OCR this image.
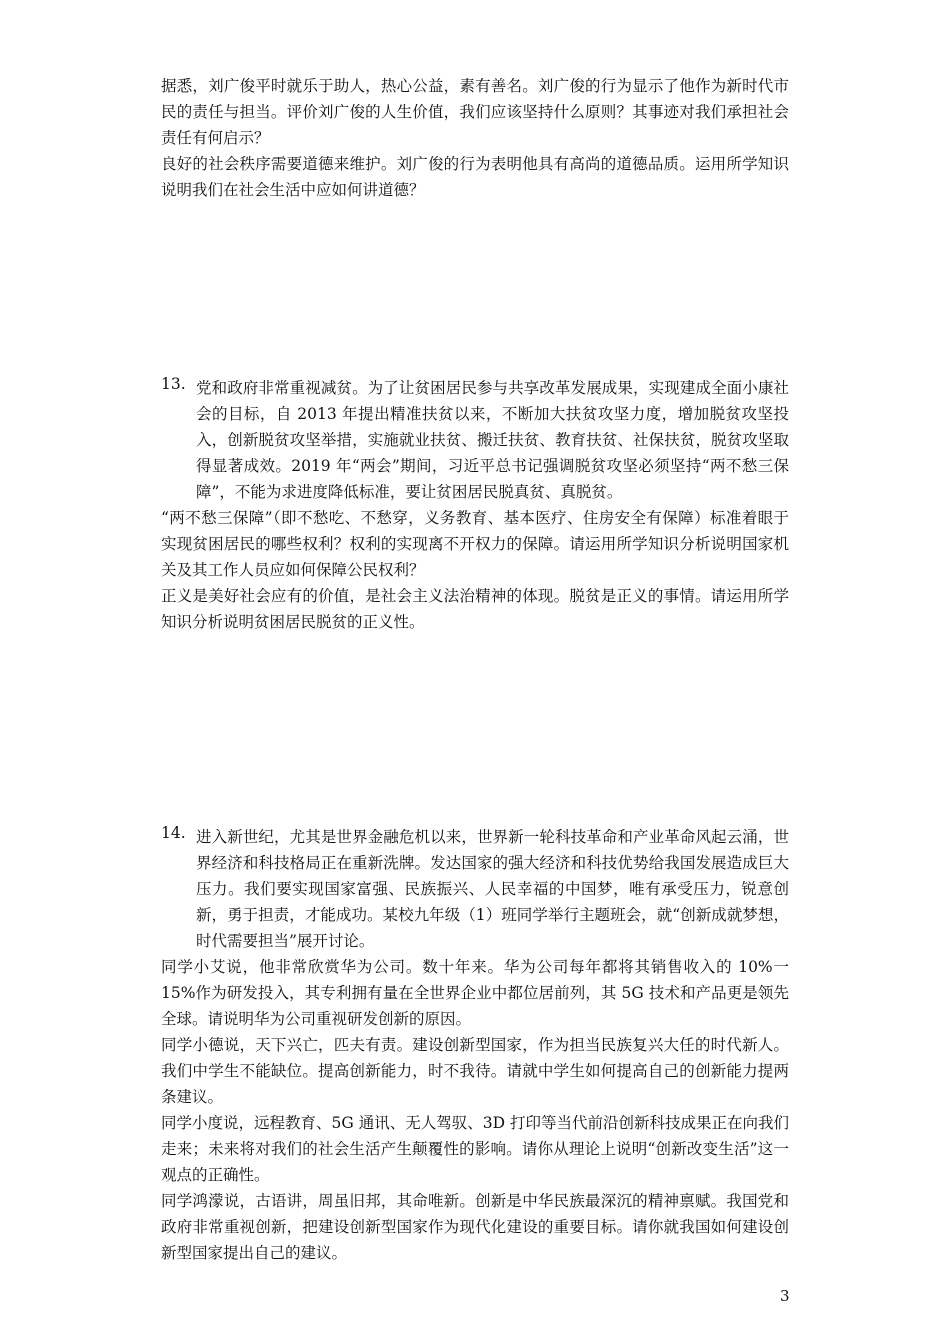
据悉，刘广俊平时就乐于助人，热心公益，素有善名。刘广俊的行为显示了他作为新时代市民的责任与担当。评价刘广俊的人生价值，我们应该坚持什么原则？其事迹对我们承担社会责任有何启示？

良好的社会秩序需要道德来维护。刘广俊的行为表明他具有高尚的道德品质。运用所学知识说明我们在社会生活中应如何讲道德？

13. 党和政府非常重视减贫。为了让贫困居民参与共享改革发展成果，实现建成全面小康社会的目标，自 2013 年提出精准扶贫以来，不断加大扶贫攻坚力度，增加脱贫攻坚投入，创新脱贫攻坚举措，实施就业扶贫、搬迁扶贫、教育扶贫、社保扶贫，脱贫攻坚取得显著成效。2019 年“两会”期间，习近平总书记强调脱贫攻坚必须坚持“两不愁三保障”，不能为求进度降低标准，要让贫困居民脱真贫、真脱贫。

“两不愁三保障”（即不愁吃、不愁穿，义务教育、基本医疗、住房安全有保障）标准着眼于实现贫困居民的哪些权利？权利的实现离不开权力的保障。请运用所学知识分析说明国家机关及其工作人员应如何保障公民权利？

正义是美好社会应有的价值，是社会主义法治精神的体现。脱贫是正义的事情。请运用所学知识分析说明贫困居民脱贫的正义性。

14. 进入新世纪，尤其是世界金融危机以来，世界新一轮科技革命和产业革命风起云涌，世界经济和科技格局正在重新洗牌。发达国家的强大经济和科技优势给我国发展造成巨大压力。我们要实现国家富强、民族振兴、人民幸福的中国梦，唯有承受压力，锐意创新，勇于担责，才能成功。某校九年级（1）班同学举行主题班会，就“创新成就梦想，时代需要担当”展开讨论。

同学小艾说，他非常欣赏华为公司。数十年来。华为公司每年都将其销售收入的 10%一 15%作为研发投入，其专利拥有量在全世界企业中都位居前列，其 5G 技术和产品更是领先全球。请说明华为公司重视研发创新的原因。

同学小德说，天下兴亡，匹夫有责。建设创新型国家，作为担当民族复兴大任的时代新人。我们中学生不能缺位。提高创新能力，时不我待。请就中学生如何提高自己的创新能力提两条建议。

同学小度说，远程教育、5G 通讯、无人驾驭、3D 打印等当代前沿创新科技成果正在向我们走来；未来将对我们的社会生活产生颠覆性的影响。请你从理论上说明“创新改变生活”这一观点的正确性。

同学鸿濛说，古语讲，周虽旧邦，其命唯新。创新是中华民族最深沉的精神禀赋。我国党和政府非常重视创新，把建设创新型国家作为现代化建设的重要目标。请你就我国如何建设创新型国家提出自己的建议。

3
